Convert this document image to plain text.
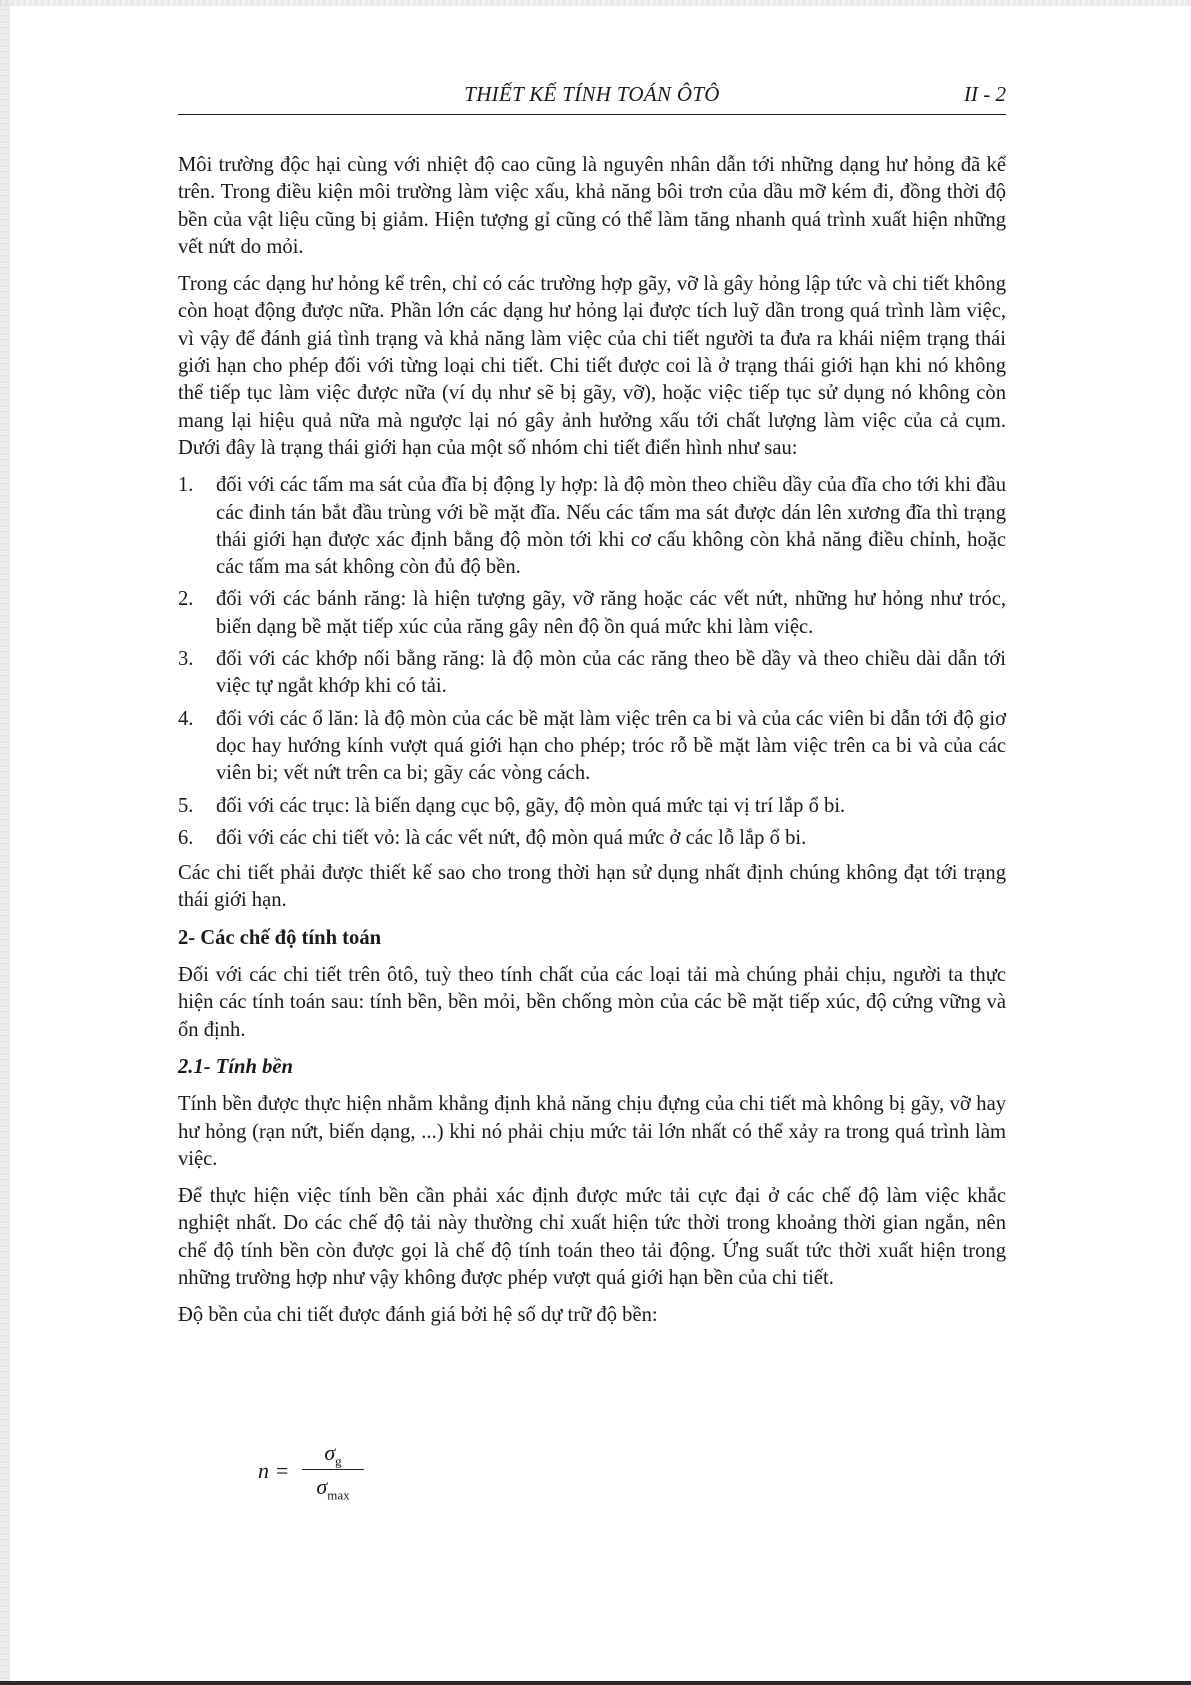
THIẾT KẾ TÍNH TOÁN ÔTÔ	II - 2

Môi trường độc hại cùng với nhiệt độ cao cũng là nguyên nhân dẫn tới những dạng hư hỏng đã kể trên. Trong điều kiện môi trường làm việc xấu, khả năng bôi trơn của dầu mỡ kém đi, đồng thời độ bền của vật liệu cũng bị giảm. Hiện tượng gỉ cũng có thể làm tăng nhanh quá trình xuất hiện những vết nứt do mỏi.

Trong các dạng hư hỏng kể trên, chỉ có các trường hợp gãy, vỡ là gây hỏng lập tức và chi tiết không còn hoạt động được nữa. Phần lớn các dạng hư hỏng lại được tích luỹ dần trong quá trình làm việc, vì vậy để đánh giá tình trạng và khả năng làm việc của chi tiết người ta đưa ra khái niệm trạng thái giới hạn cho phép đối với từng loại chi tiết. Chi tiết được coi là ở trạng thái giới hạn khi nó không thể tiếp tục làm việc được nữa (ví dụ như sẽ bị gãy, vỡ), hoặc việc tiếp tục sử dụng nó không còn mang lại hiệu quả nữa mà ngược lại nó gây ảnh hưởng xấu tới chất lượng làm việc của cả cụm. Dưới đây là trạng thái giới hạn của một số nhóm chi tiết điển hình như sau:

1. đối với các tấm ma sát của đĩa bị động ly hợp: là độ mòn theo chiều dầy của đĩa cho tới khi đầu các đinh tán bắt đầu trùng với bề mặt đĩa. Nếu các tấm ma sát được dán lên xương đĩa thì trạng thái giới hạn được xác định bằng độ mòn tới khi cơ cấu không còn khả năng điều chỉnh, hoặc các tấm ma sát không còn đủ độ bền.
2. đối với các bánh răng: là hiện tượng gãy, vỡ răng hoặc các vết nứt, những hư hỏng như tróc, biến dạng bề mặt tiếp xúc của răng gây nên độ ồn quá mức khi làm việc.
3. đối với các khớp nối bằng răng: là độ mòn của các răng theo bề dầy và theo chiều dài dẫn tới việc tự ngắt khớp khi có tải.
4. đối với các ổ lăn: là độ mòn của các bề mặt làm việc trên ca bi và của các viên bi dẫn tới độ giơ dọc hay hướng kính vượt quá giới hạn cho phép; tróc rỗ bề mặt làm việc trên ca bi và của các viên bi; vết nứt trên ca bi; gãy các vòng cách.
5. đối với các trục: là biến dạng cục bộ, gãy, độ mòn quá mức tại vị trí lắp ổ bi.
6. đối với các chi tiết vỏ: là các vết nứt, độ mòn quá mức ở các lỗ lắp ổ bi.

Các chi tiết phải được thiết kế sao cho trong thời hạn sử dụng nhất định chúng không đạt tới trạng thái giới hạn.

2- Các chế độ tính toán

Đối với các chi tiết trên ôtô, tuỳ theo tính chất của các loại tải mà chúng phải chịu, người ta thực hiện các tính toán sau: tính bền, bền mỏi, bền chống mòn của các bề mặt tiếp xúc, độ cứng vững và ổn định.

2.1- Tính bền

Tính bền được thực hiện nhằm khẳng định khả năng chịu đựng của chi tiết mà không bị gãy, vỡ hay hư hỏng (rạn nứt, biến dạng, ...) khi nó phải chịu mức tải lớn nhất có thể xảy ra trong quá trình làm việc.

Để thực hiện việc tính bền cần phải xác định được mức tải cực đại ở các chế độ làm việc khắc nghiệt nhất. Do các chế độ tải này thường chỉ xuất hiện tức thời trong khoảng thời gian ngắn, nên chế độ tính bền còn được gọi là chế độ tính toán theo tải động. Ứng suất tức thời xuất hiện trong những trường hợp như vậy không được phép vượt quá giới hạn bền của chi tiết.

Độ bền của chi tiết được đánh giá bởi hệ số dự trữ độ bền:

n =
$\sigma_g$
$\sigma_{max}$
